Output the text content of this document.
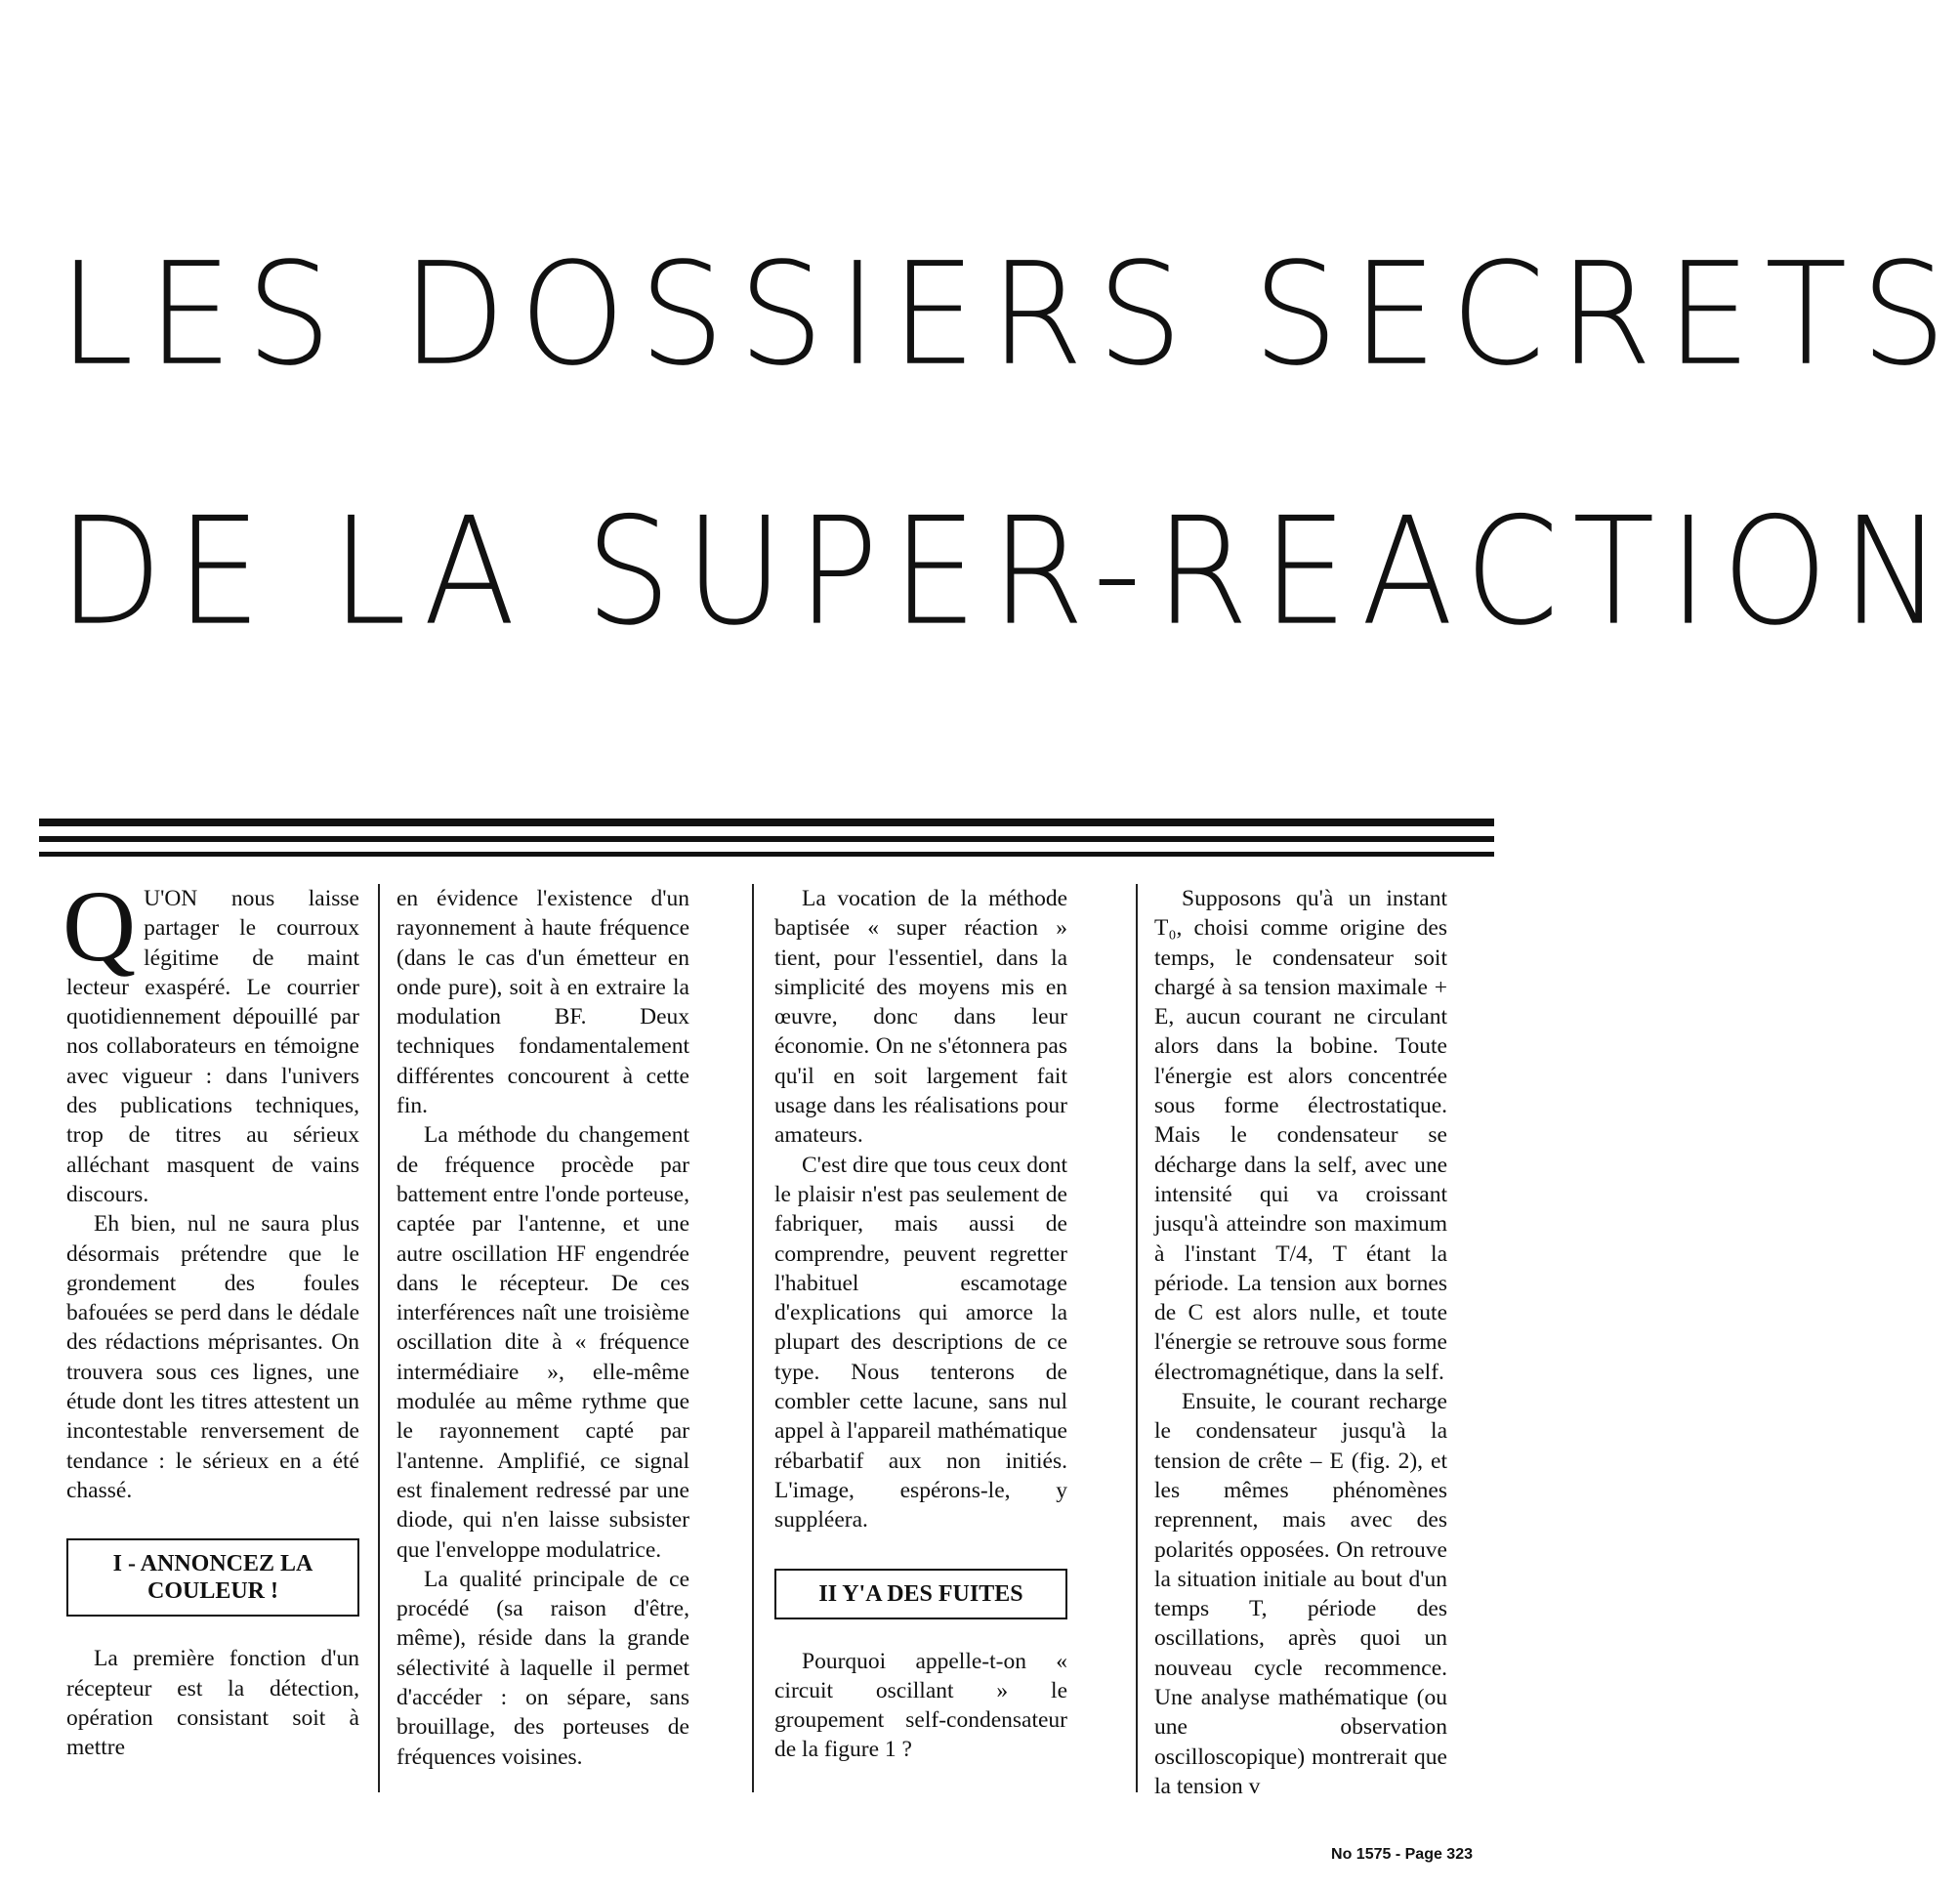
LES DOSSIERS SECRETS
DE LA SUPER-REACTION

Q U'ON nous laisse partager le courroux légitime de maint lecteur exaspéré. Le courrier quotidiennement dépouillé par nos collaborateurs en témoigne avec vigueur : dans l'univers des publications techniques, trop de titres au sérieux alléchant masquent de vains discours.

Eh bien, nul ne saura plus désormais prétendre que le grondement des foules bafouées se perd dans le dédale des rédactions méprisantes. On trouvera sous ces lignes, une étude dont les titres attestent un incontestable renversement de tendance : le sérieux en a été chassé.

I - ANNONCEZ LA COULEUR !

La première fonction d'un récepteur est la détection, opération consistant soit à mettre

en évidence l'existence d'un rayonnement à haute fréquence (dans le cas d'un émetteur en onde pure), soit à en extraire la modulation BF. Deux techniques fondamentalement différentes concourent à cette fin.

La méthode du changement de fréquence procède par battement entre l'onde porteuse, captée par l'antenne, et une autre oscillation HF engendrée dans le récepteur. De ces interférences naît une troisième oscillation dite à « fréquence intermédiaire », elle-même modulée au même rythme que le rayonnement capté par l'antenne. Amplifié, ce signal est finalement redressé par une diode, qui n'en laisse subsister que l'enveloppe modulatrice.

La qualité principale de ce procédé (sa raison d'être, même), réside dans la grande sélectivité à laquelle il permet d'accéder : on sépare, sans brouillage, des porteuses de fréquences voisines.

La vocation de la méthode baptisée « super réaction » tient, pour l'essentiel, dans la simplicité des moyens mis en œuvre, donc dans leur économie. On ne s'étonnera pas qu'il en soit largement fait usage dans les réalisations pour amateurs.

C'est dire que tous ceux dont le plaisir n'est pas seulement de fabriquer, mais aussi de comprendre, peuvent regretter l'habituel escamotage d'explications qui amorce la plupart des descriptions de ce type. Nous tenterons de combler cette lacune, sans nul appel à l'appareil mathématique rébarbatif aux non initiés. L'image, espérons-le, y suppléera.

II Y'A DES FUITES

Pourquoi appelle-t-on « circuit oscillant » le groupement self-condensateur de la figure 1 ?

Supposons qu'à un instant T₀, choisi comme origine des temps, le condensateur soit chargé à sa tension maximale + E, aucun courant ne circulant alors dans la bobine. Toute l'énergie est alors concentrée sous forme électrostatique. Mais le condensateur se décharge dans la self, avec une intensité qui va croissant jusqu'à atteindre son maximum à l'instant T/4, T étant la période. La tension aux bornes de C est alors nulle, et toute l'énergie se retrouve sous forme électromagnétique, dans la self.

Ensuite, le courant recharge le condensateur jusqu'à la tension de crête – E (fig. 2), et les mêmes phénomènes reprennent, mais avec des polarités opposées. On retrouve la situation initiale au bout d'un temps T, période des oscillations, après quoi un nouveau cycle recommence. Une analyse mathématique (ou une observation oscilloscopique) montrerait que la tension v

No 1575 - Page 323
